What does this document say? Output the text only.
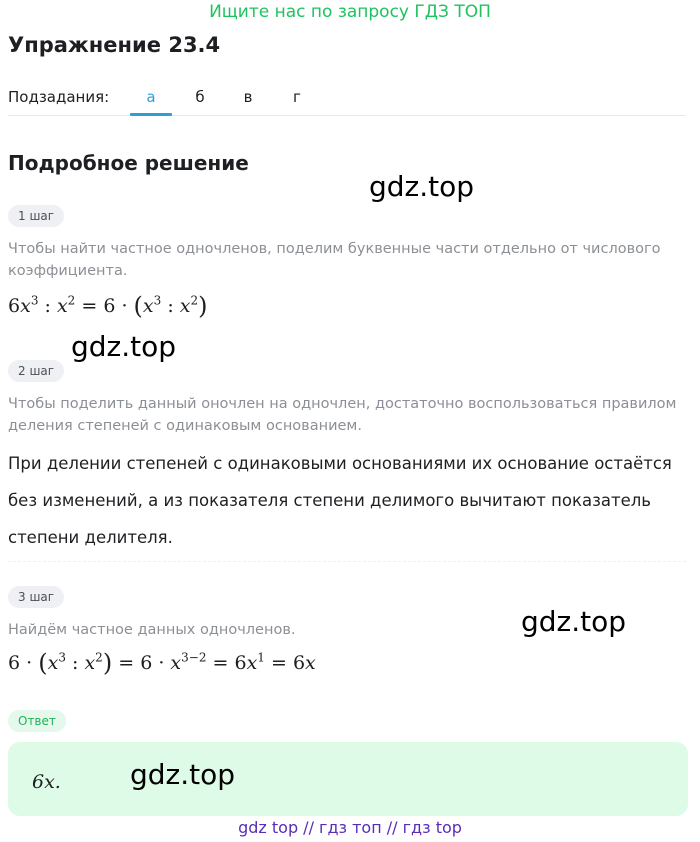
Ищите нас по запросу ГДЗ ТОП
Упражнение 23.4
Подзадания:	а	б	в	г
Подробное решение
gdz.top
1 шаг
Чтобы найти частное одночленов, поделим буквенные части отдельно от числового коэффициента.
$6x^3$ : $x^2 = 6 \cdot (x^3$ : $x^2$)
gdz.top
2 шаг
Чтобы поделить данный оночлен на одночлен, достаточно воспользоваться правилом деления степеней с одинаковым основанием.
При делении степеней с одинаковыми основаниями их основание остаётся без изменений, а из показателя степени делимого вычитают показатель степени делителя.
3 шаг
gdz.top
Найдём частное данных одночленов.
$6 \cdot (x^3$ : $x^2) = 6 \cdot x^{3-2} = 6x^1 = 6x$
Ответ
6x. gdz.top
gdz top // гдз топ // гдз top
